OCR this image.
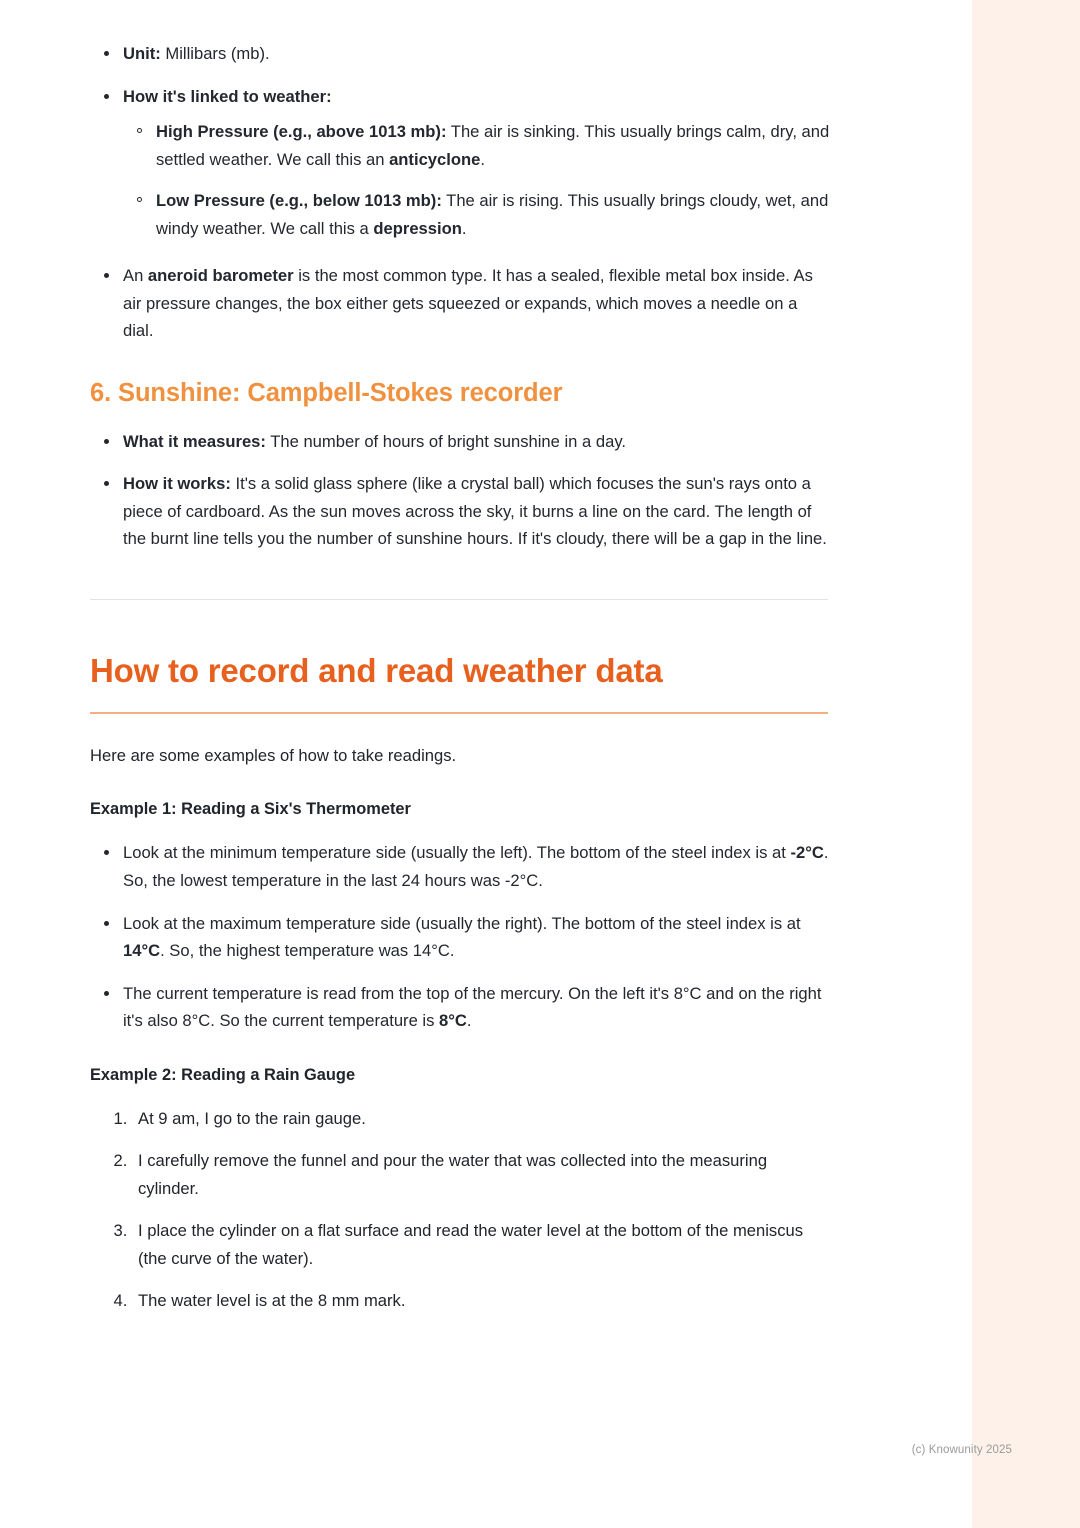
Unit: Millibars (mb).
How it's linked to weather:
High Pressure (e.g., above 1013 mb): The air is sinking. This usually brings calm, dry, and settled weather. We call this an anticyclone.
Low Pressure (e.g., below 1013 mb): The air is rising. This usually brings cloudy, wet, and windy weather. We call this a depression.
An aneroid barometer is the most common type. It has a sealed, flexible metal box inside. As air pressure changes, the box either gets squeezed or expands, which moves a needle on a dial.
6. Sunshine: Campbell-Stokes recorder
What it measures: The number of hours of bright sunshine in a day.
How it works: It's a solid glass sphere (like a crystal ball) which focuses the sun's rays onto a piece of cardboard. As the sun moves across the sky, it burns a line on the card. The length of the burnt line tells you the number of sunshine hours. If it's cloudy, there will be a gap in the line.
How to record and read weather data

Here are some examples of how to take readings.

Example 1: Reading a Six's Thermometer

Look at the minimum temperature side (usually the left). The bottom of the steel index is at -2°C. So, the lowest temperature in the last 24 hours was -2°C.
Look at the maximum temperature side (usually the right). The bottom of the steel index is at 14°C. So, the highest temperature was 14°C.
The current temperature is read from the top of the mercury. On the left it's 8°C and on the right it's also 8°C. So the current temperature is 8°C.

Example 2: Reading a Rain Gauge

1. At 9 am, I go to the rain gauge.
2. I carefully remove the funnel and pour the water that was collected into the measuring cylinder.
3. I place the cylinder on a flat surface and read the water level at the bottom of the meniscus (the curve of the water).
4. The water level is at the 8 mm mark.
(c) Knowunity 2025
